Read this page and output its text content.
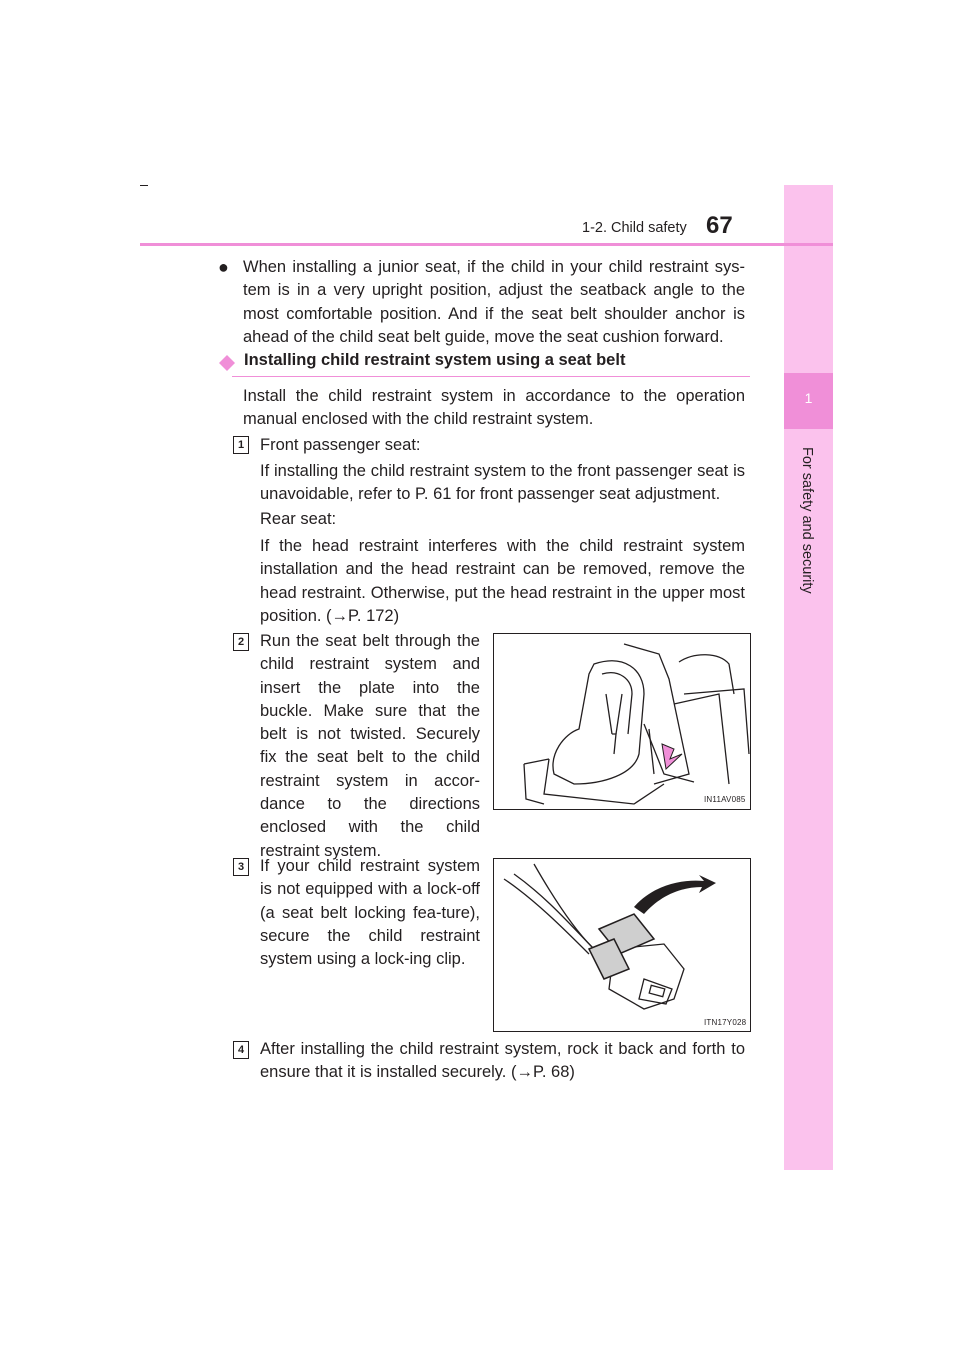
1
For safety and security
1-2. Child safety 67
● When installing a junior seat, if the child in your child restraint sys-tem is in a very upright position, adjust the seatback angle to the most comfortable position. And if the seat belt shoulder anchor is ahead of the child seat belt guide, move the seat cushion forward.
Installing child restraint system using a seat belt
Install the child restraint system in accordance to the operation manual enclosed with the child restraint system.
1 Front passenger seat:
If installing the child restraint system to the front passenger seat is unavoidable, refer to P. 61 for front passenger seat adjustment.
Rear seat:
If the head restraint interferes with the child restraint system installation and the head restraint can be removed, remove the head restraint. Otherwise, put the head restraint in the upper most position. (→P. 172)
2 Run the seat belt through the child restraint system and insert the plate into the buckle. Make sure that the belt is not twisted. Securely fix the seat belt to the child restraint system in accor-dance to the directions enclosed with the child restraint system.
IN11AV085
3 If your child restraint system is not equipped with a lock-off (a seat belt locking fea-ture), secure the child restraint system using a lock-ing clip.
ITN17Y028
4 After installing the child restraint system, rock it back and forth to ensure that it is installed securely. (→P. 68)
